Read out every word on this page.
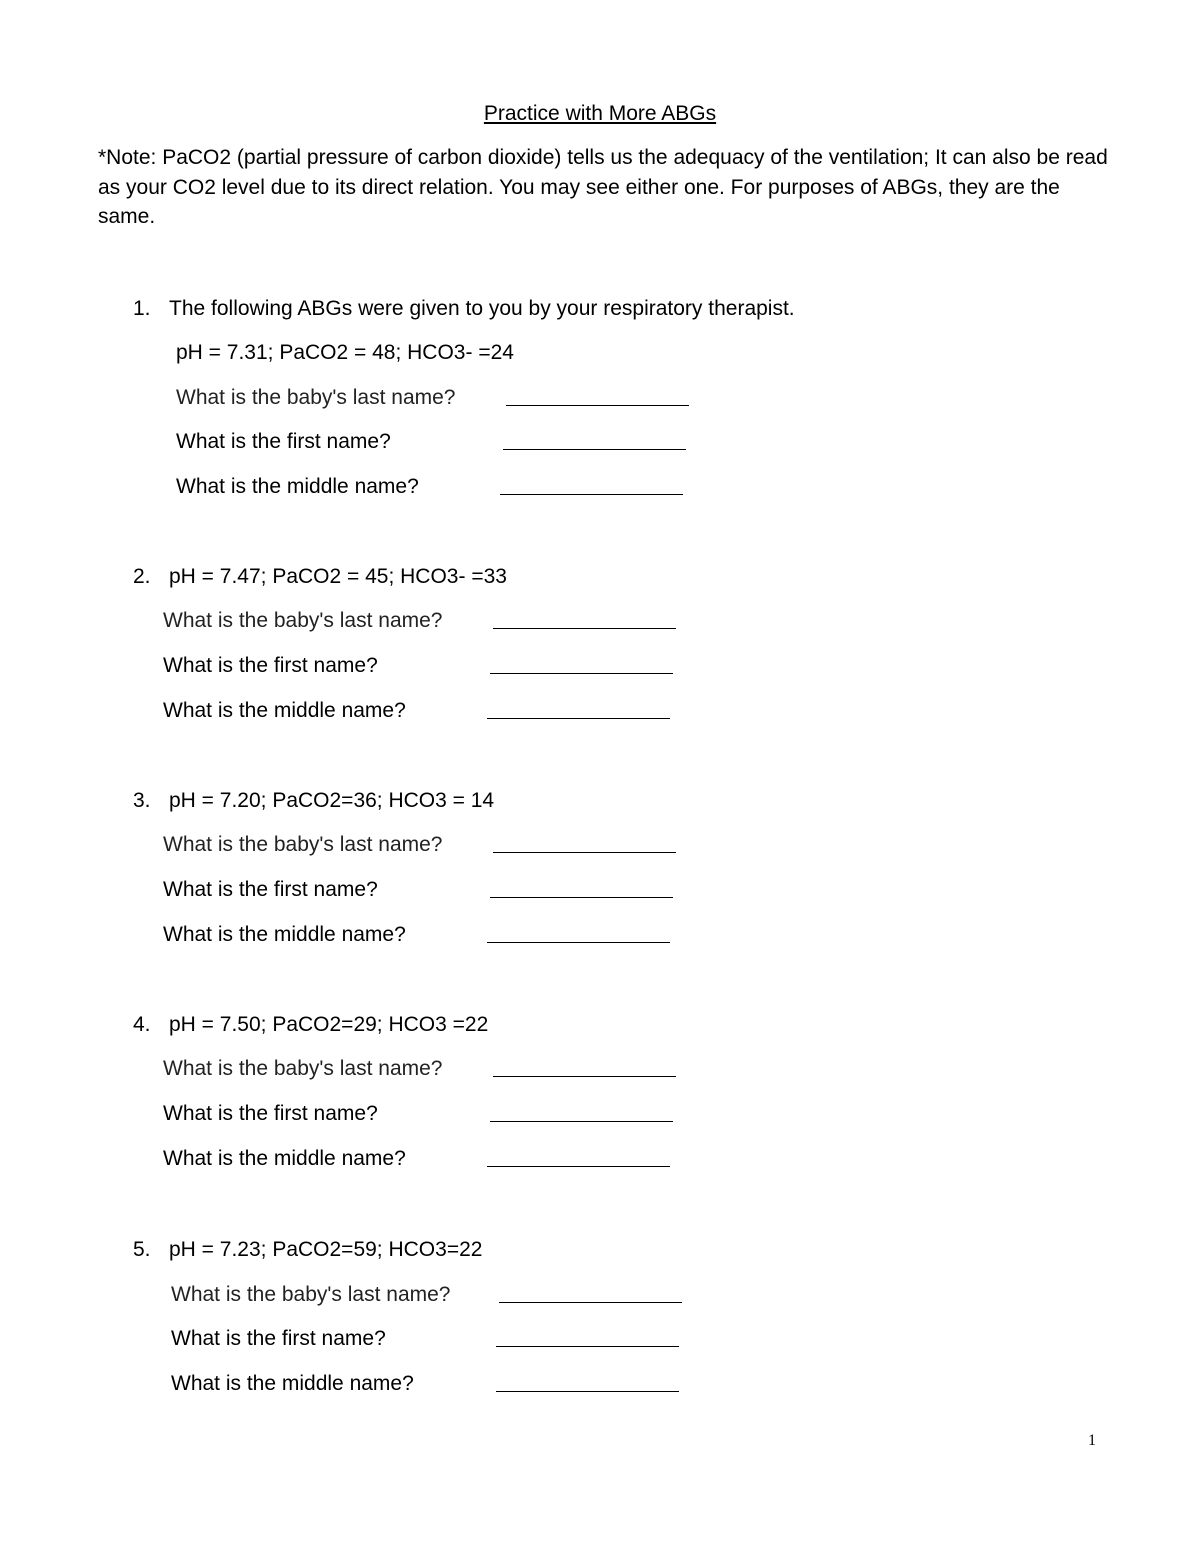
Practice with More ABGs
*Note: PaCO2 (partial pressure of carbon dioxide) tells us the adequacy of the ventilation; It can also be read as your CO2 level due to its direct relation. You may see either one. For purposes of ABGs, they are the same.
1. The following ABGs were given to you by your respiratory therapist.
pH = 7.31; PaCO2 = 48; HCO3- =24
What is the baby's last name?
What is the first name?
What is the middle name?
2. pH = 7.47; PaCO2 = 45; HCO3- =33
What is the baby's last name?
What is the first name?
What is the middle name?
3. pH = 7.20; PaCO2=36; HCO3 = 14
What is the baby's last name?
What is the first name?
What is the middle name?
4. pH = 7.50; PaCO2=29; HCO3 =22
What is the baby's last name?
What is the first name?
What is the middle name?
5. pH = 7.23; PaCO2=59; HCO3=22
What is the baby's last name?
What is the first name?
What is the middle name?
1
